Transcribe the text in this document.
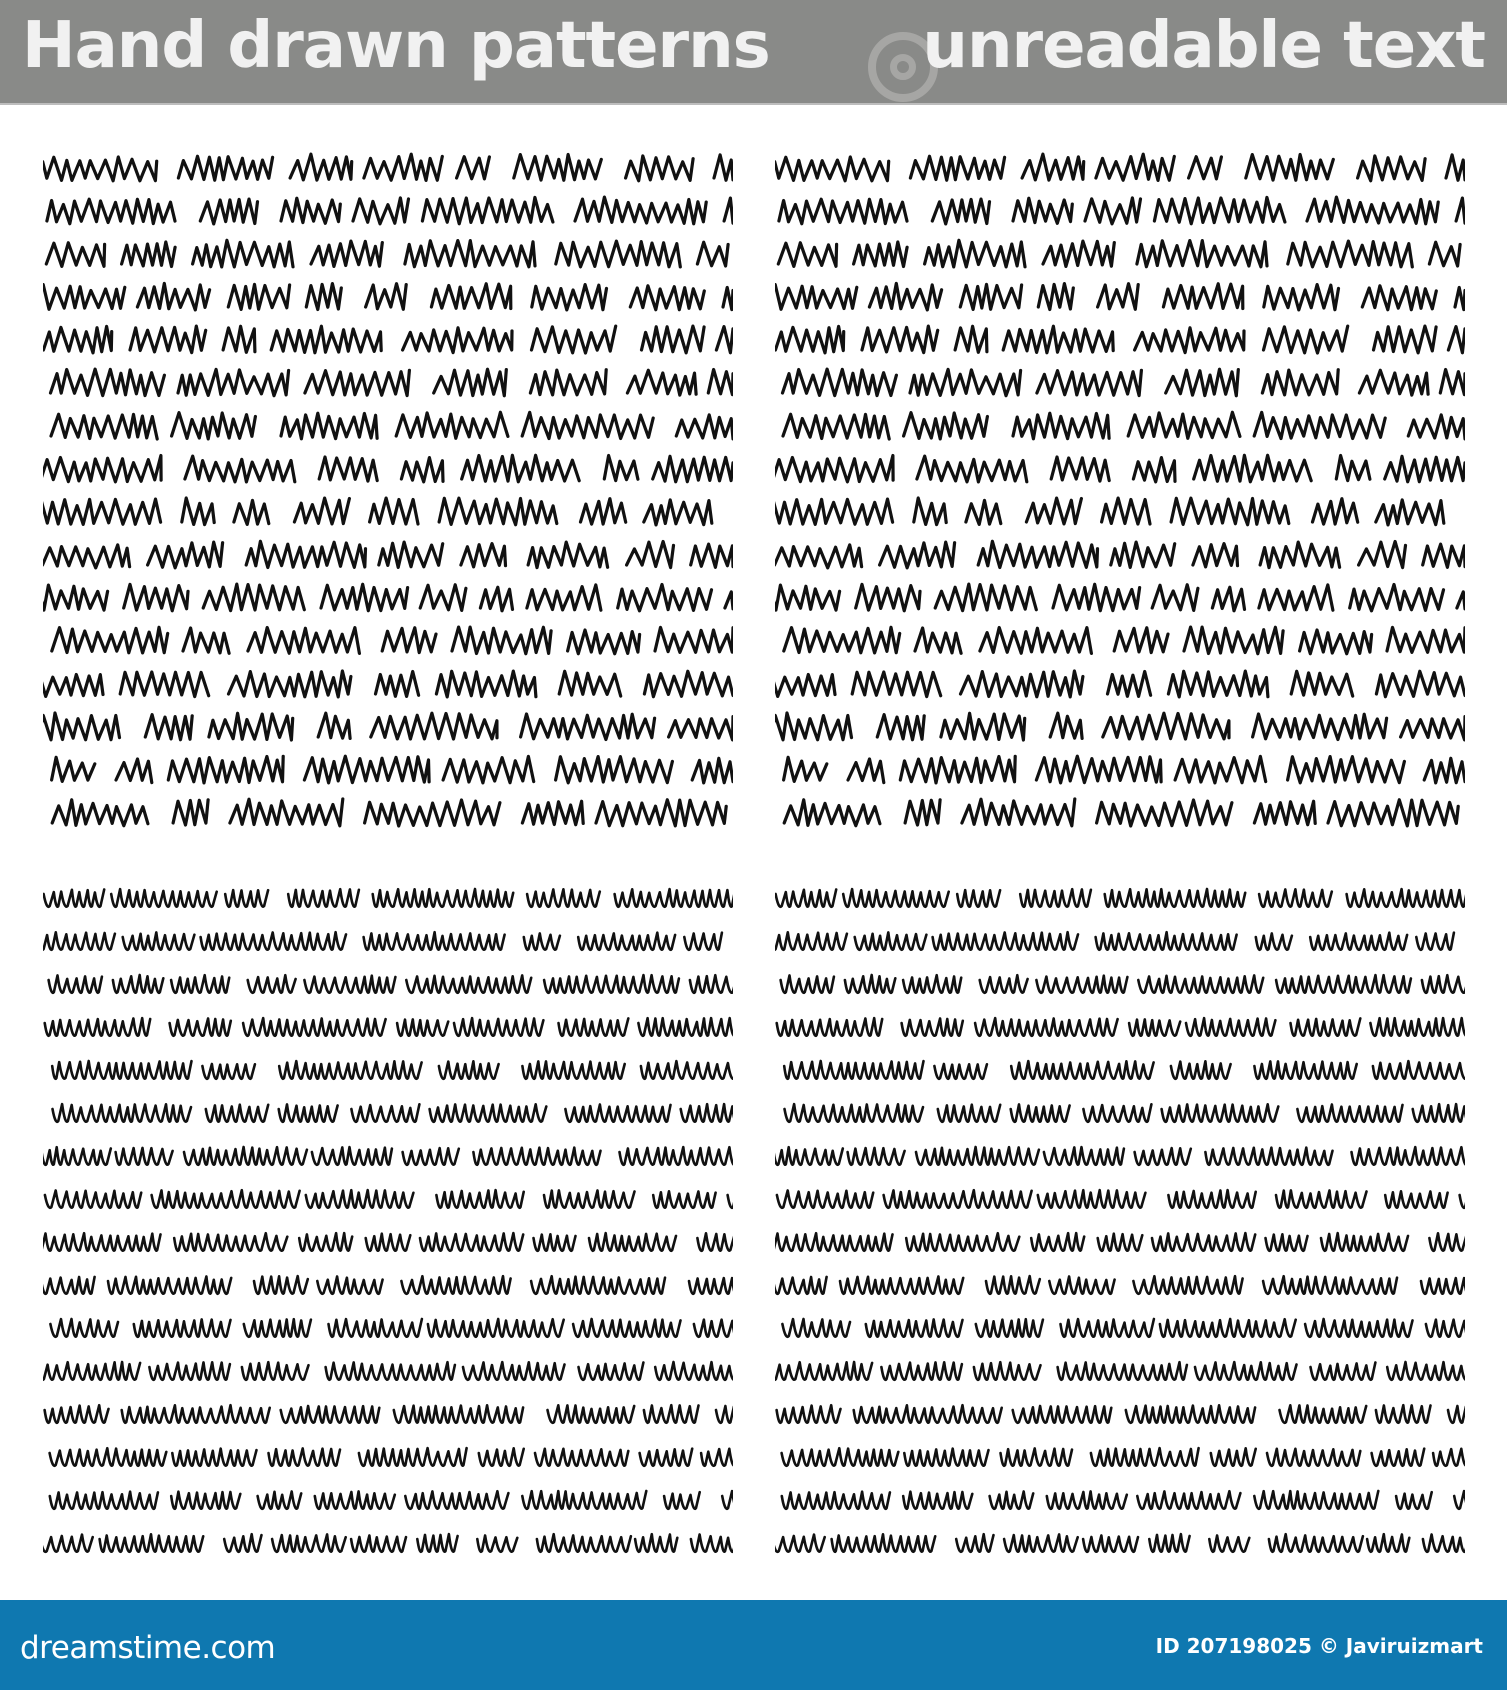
Hand drawn patterns unreadable text
dreamstime.com	ID 207198025 © Javiruizmart
